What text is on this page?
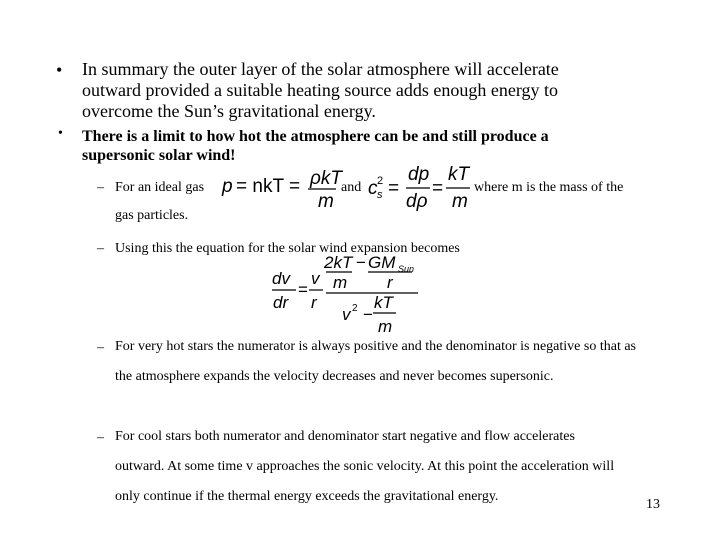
• In summary the outer layer of the solar atmosphere will accelerate outward provided a suitable heating source adds enough energy to overcome the Sun’s gravitational energy.
• There is a limit to how hot the atmosphere can be and still produce a supersonic solar wind!
– For an ideal gas p = nkT = ρkT
m
and c 2
s =
dp
dρ
=
kT
m
where m is the mass of the
gas particles.
– Using this the equation for the solar wind expansion becomes
dv
dr
=
v
r
2kT − GM Sun
m r
v 2 −
kT
m
– For very hot stars the numerator is always positive and the denominator is negative so that as the atmosphere expands the velocity decreases and never becomes supersonic.
– For cool stars both numerator and denominator start negative and flow accelerates outward. At some time v approaches the sonic velocity. At this point the acceleration will only continue if the thermal energy exceeds the gravitational energy.
13
